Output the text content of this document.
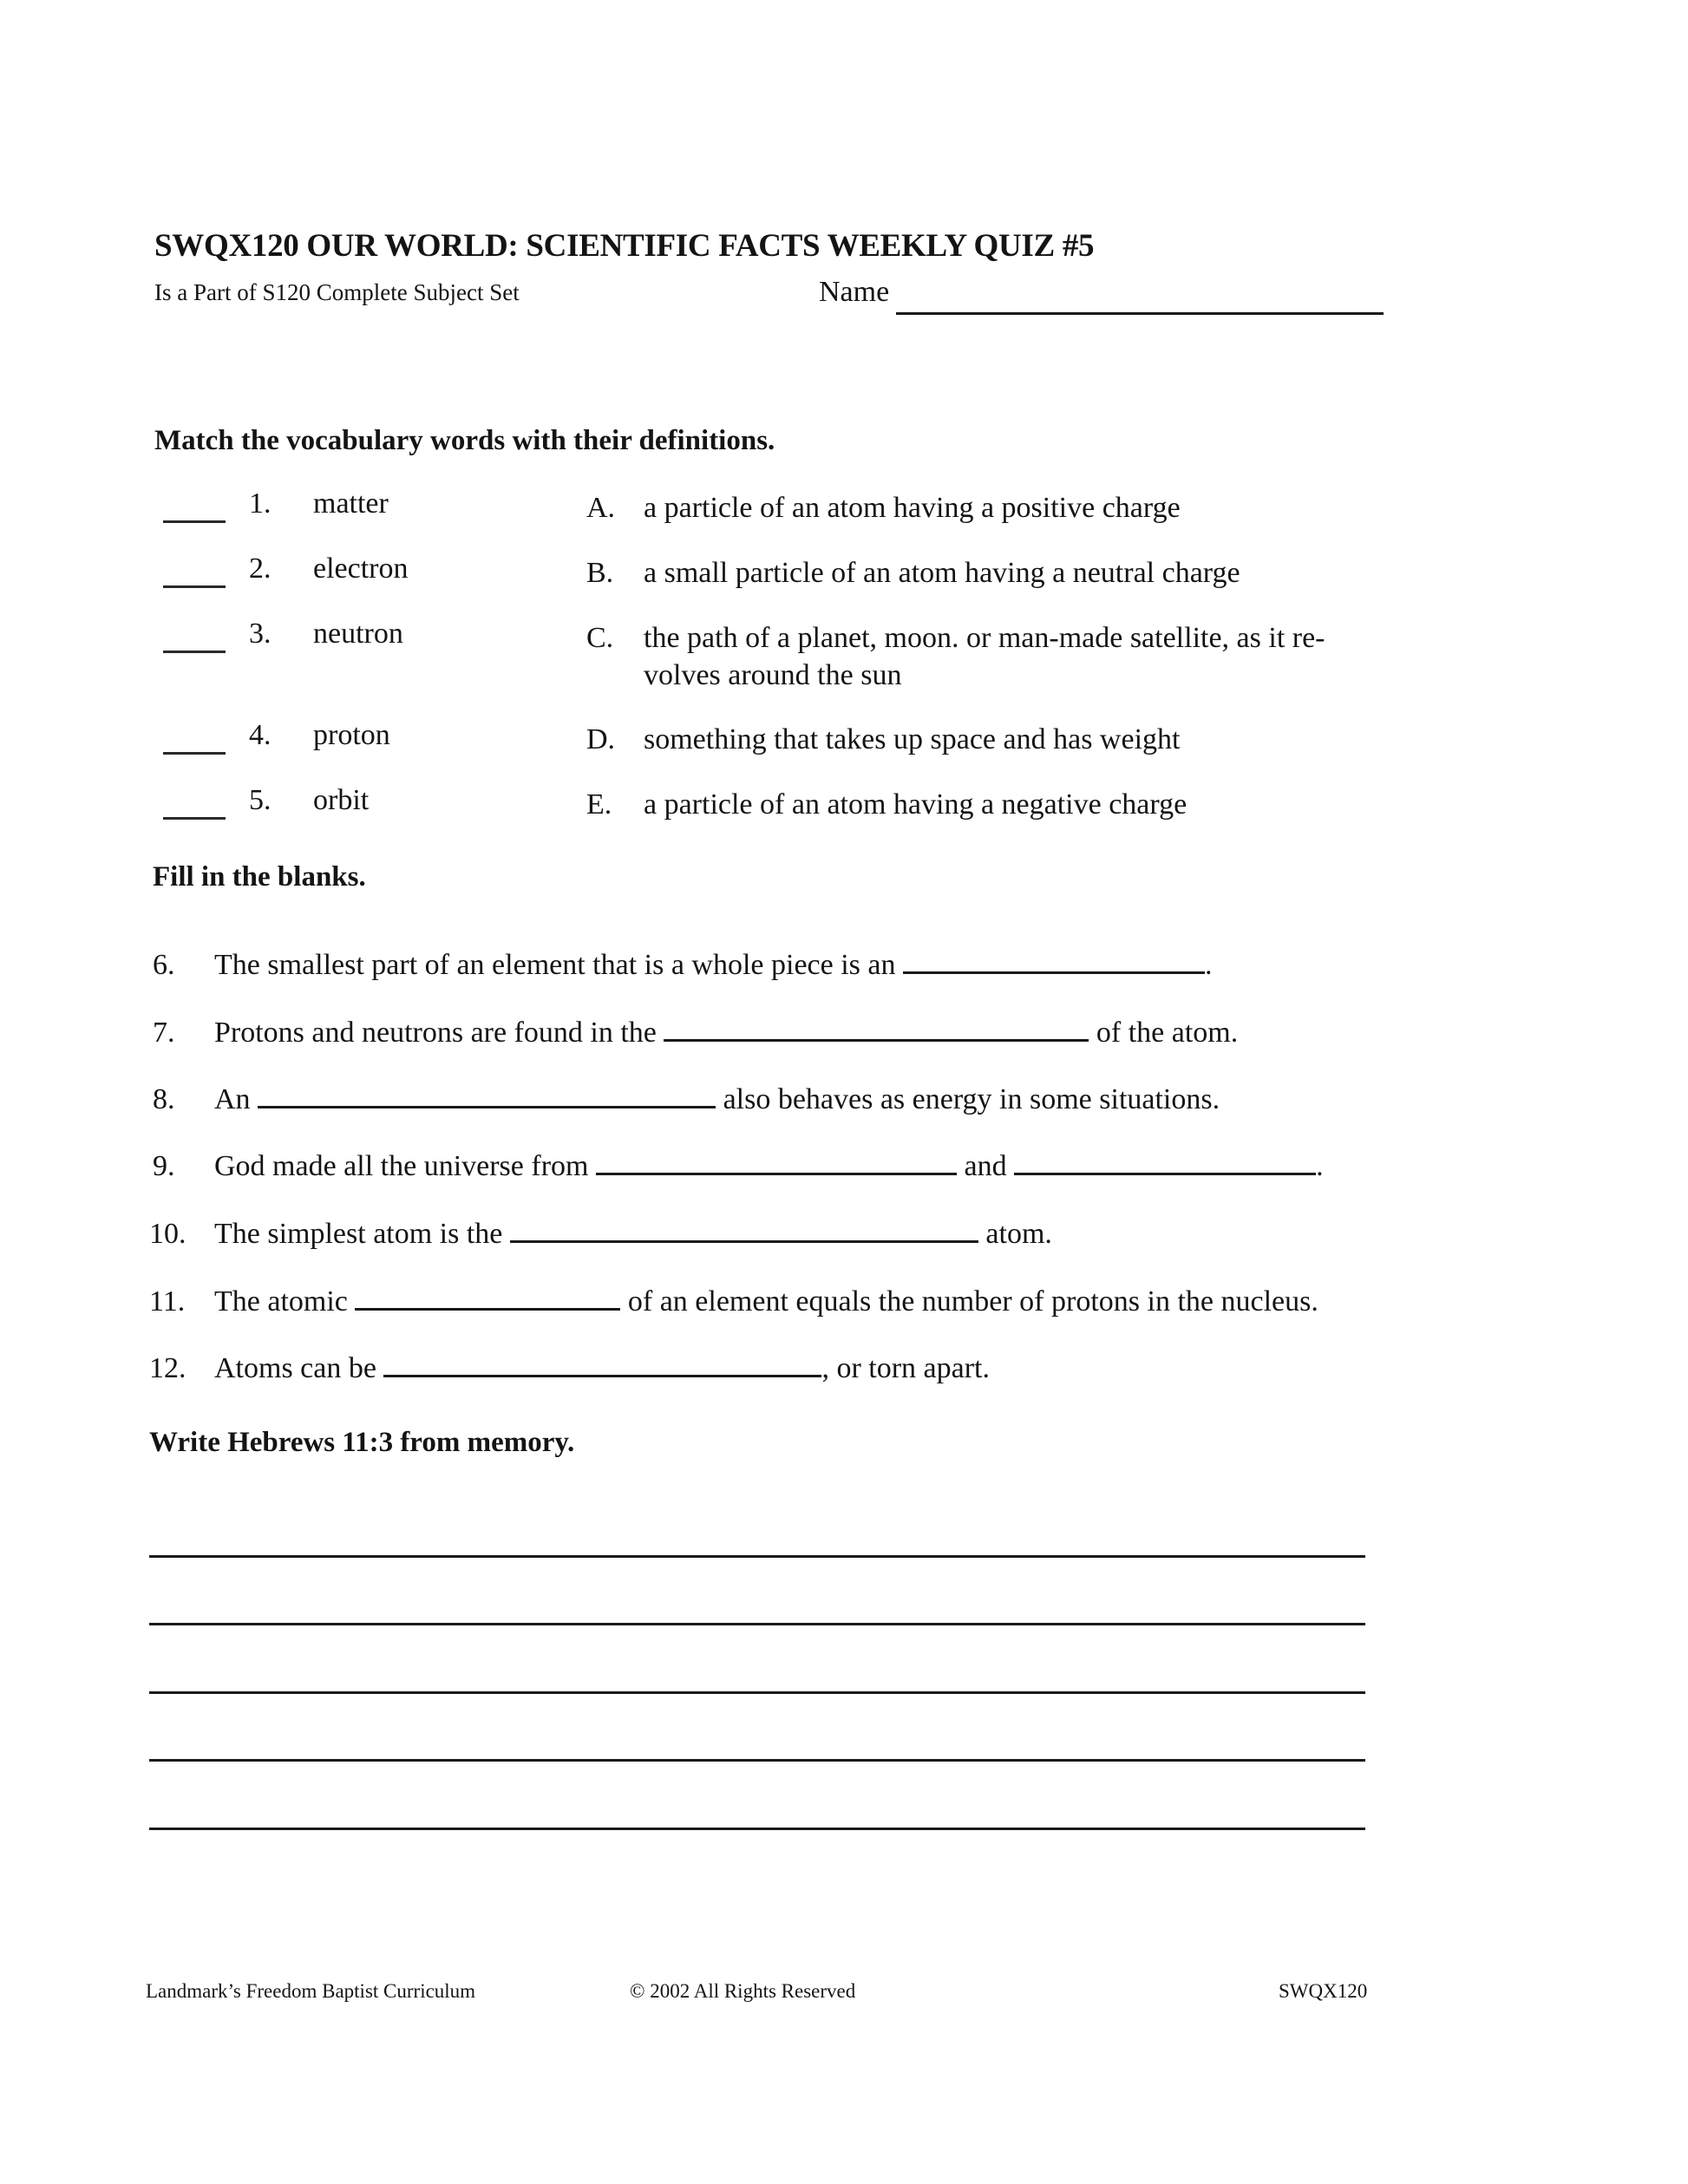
SWQX120 OUR WORLD: SCIENTIFIC FACTS WEEKLY QUIZ #5
Is a Part of S120 Complete Subject Set	Name
Match the vocabulary words with their definitions.
1. matter	A. a particle of an atom having a positive charge
2. electron	B. a small particle of an atom having a neutral charge
3. neutron	C. the path of a planet, moon. or man-made satellite, as it re-
volves around the sun
4. proton	D. something that takes up space and has weight
5. orbit	E. a particle of an atom having a negative charge
Fill in the blanks.
6. The smallest part of an element that is a whole piece is an	.
7. Protons and neutrons are found in the	of the atom.
8. An	also behaves as energy in some situations.
9. God made all the universe from	and	.
10. The simplest atom is the	atom.
11. The atomic	of an element equals the number of protons in the nucleus.
12. Atoms can be	, or torn apart.
Write Hebrews 11:3 from memory.
Landmark’s Freedom Baptist Curriculum	© 2002 All Rights Reserved	SWQX120
